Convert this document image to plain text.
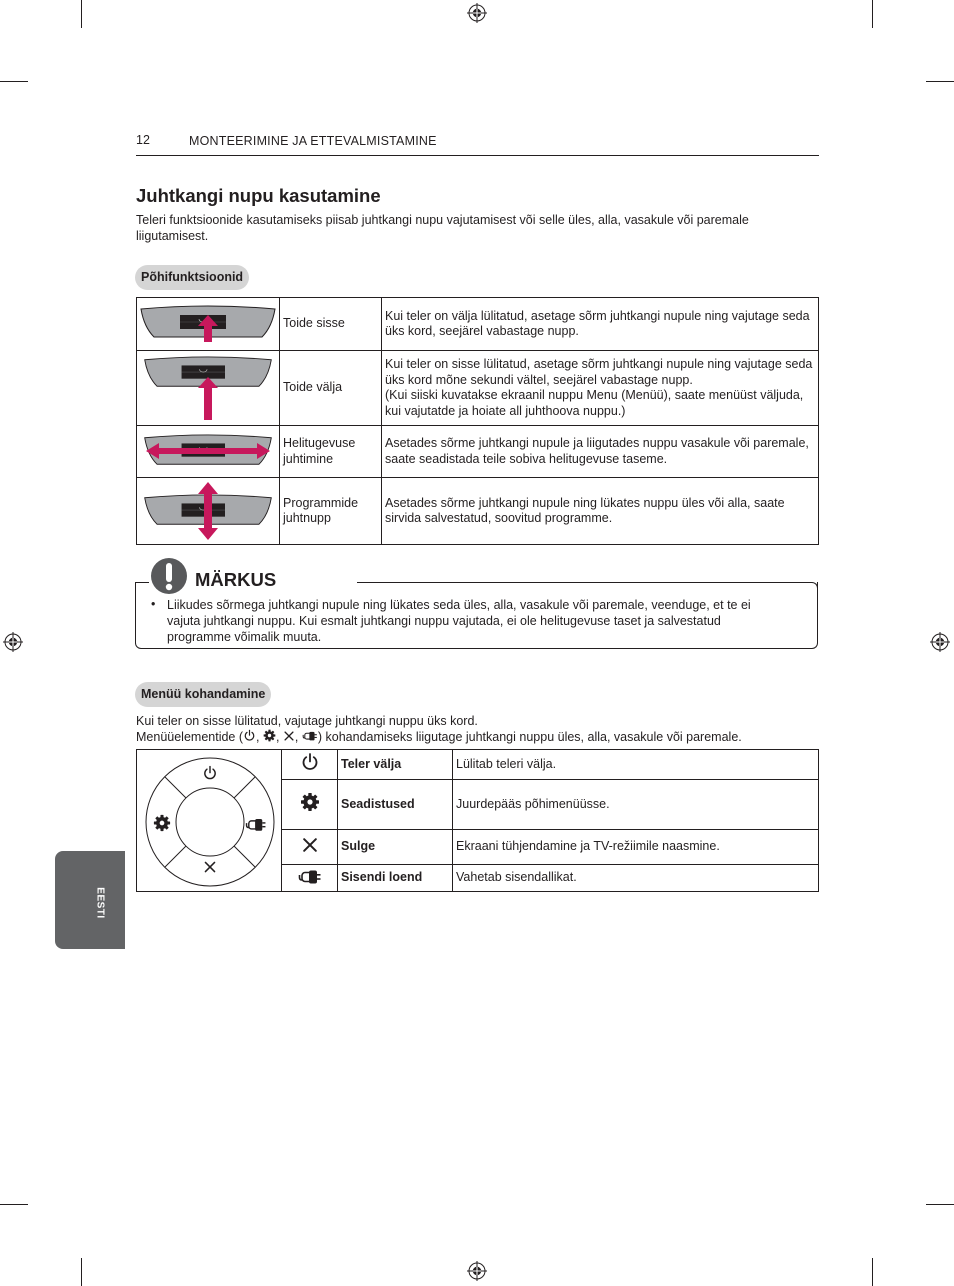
12	MONTEERIMINE JA ETTEVALMISTAMINE
Juhtkangi nupu kasutamine
Teleri funktsioonide kasutamiseks piisab juhtkangi nupu vajutamisest või selle üles, alla, vasakule või paremale liigutamisest.
Põhifunktsioonid
	Toide sisse	Kui teler on välja lülitatud, asetage sõrm juhtkangi nupule ning vajutage seda üks kord, seejärel vabastage nupp.

	Toide välja	Kui teler on sisse lülitatud, asetage sõrm juhtkangi nupule ning vajutage seda üks kord mõne sekundi vältel, seejärel vabastage nupp.
(Kui siiski kuvatakse ekraanil nuppu Menu (Menüü), saate menüüst väljuda, kui vajutatde ja hoiate all juhthoova nuppu.)

	Helitugevuse juhtimine	Asetades sõrme juhtkangi nupule ja liigutades nuppu vasakule või paremale, saate seadistada teile sobiva helitugevuse taseme.

	Programmide juhtnupp	Asetades sõrme juhtkangi nupule ning lükates nuppu üles või alla, saate sirvida salvestatud, soovitud programme.
MÄRKUS
• Liikudes sõrmega juhtkangi nupule ning lükates seda üles, alla, vasakule või paremale, veenduge, et te ei vajuta juhtkangi nuppu. Kui esmalt juhtkangi nuppu vajutada, ei ole helitugevuse taset ja salvestatud programme võimalik muuta.
Menüü kohandamine
Kui teler on sisse lülitatud, vajutage juhtkangi nuppu üks kord.
Menüüelementide ( , , , ) kohandamiseks liigutage juhtkangi nuppu üles, alla, vasakule või paremale.
		Teler välja	Lülitab teleri välja.
	Seadistused	Juurdepääs põhimenüüsse.
	Sulge	Ekraani tühjendamine ja TV-režiimile naasmine.
	Sisendi loend	Vahetab sisendallikat.
EESTI
